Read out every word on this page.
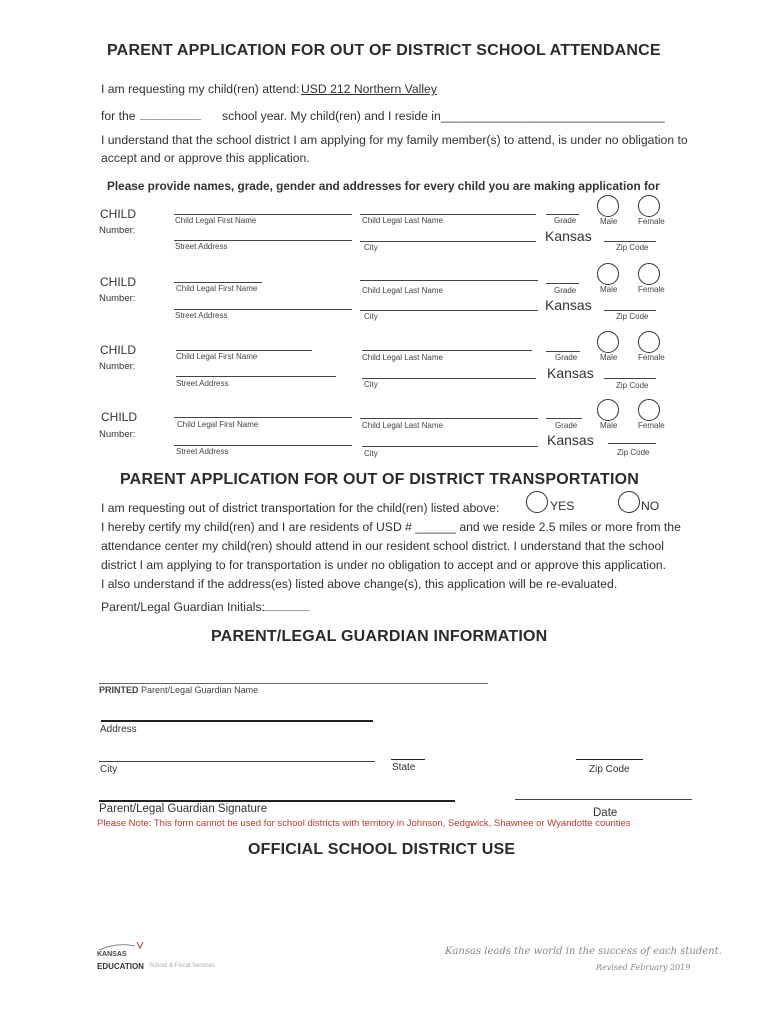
PARENT APPLICATION FOR OUT OF DISTRICT SCHOOL ATTENDANCE
I am requesting my child(ren) attend: USD 212 Northern Valley
for the _________ school year. My child(ren) and I reside in _________________________________
I understand that the school district I am applying for my family member(s) to attend, is under no obligation to
accept and or approve this application.
Please provide names, grade, gender and addresses for every child you are making application for
CHILD
Number:
Child Legal First Name	Child Legal Last Name	Grade	Male	Female
Street Address	City
Kansas
Zip Code
CHILD
Number:
Child Legal First Name	Child Legal Last Name	Grade	Male	Female
Street Address	City
Kansas
Zip Code
CHILD
Number:
Child Legal First Name	Child Legal Last Name	Grade	Male	Female
Street Address	City
Kansas
Zip Code
CHILD
Number:
Child Legal First Name	Child Legal Last Name	Grade	Male	Female
Street Address	City
Kansas
Zip Code
PARENT APPLICATION FOR OUT OF DISTRICT TRANSPORTATION
I am requesting out of district transportation for the child(ren) listed above:	YES	NO
I hereby certify my child(ren) and I are residents of USD # ______ and we reside 2.5 miles or more from the
attendance center my child(ren) should attend in our resident school district. I understand that the school
district I am applying to for transportation is under no obligation to accept and or approve this application.
I also understand if the address(es) listed above change(s), this application will be re-evaluated.
Parent/Legal Guardian Initials:
_______
PARENT/LEGAL GUARDIAN INFORMATION
PRINTED Parent/Legal Guardian Name
Address
City	State	Zip Code
Parent/Legal Guardian Signature	Date
Please Note: This form cannot be used for school districts with territory in Johnson, Sedgwick, Shawnee or Wyandotte counties
OFFICIAL SCHOOL DISTRICT USE
KANSAS
EDUCATION School & Fiscal Services
Kansas leads the world in the success of each student.
Revised February 2019
